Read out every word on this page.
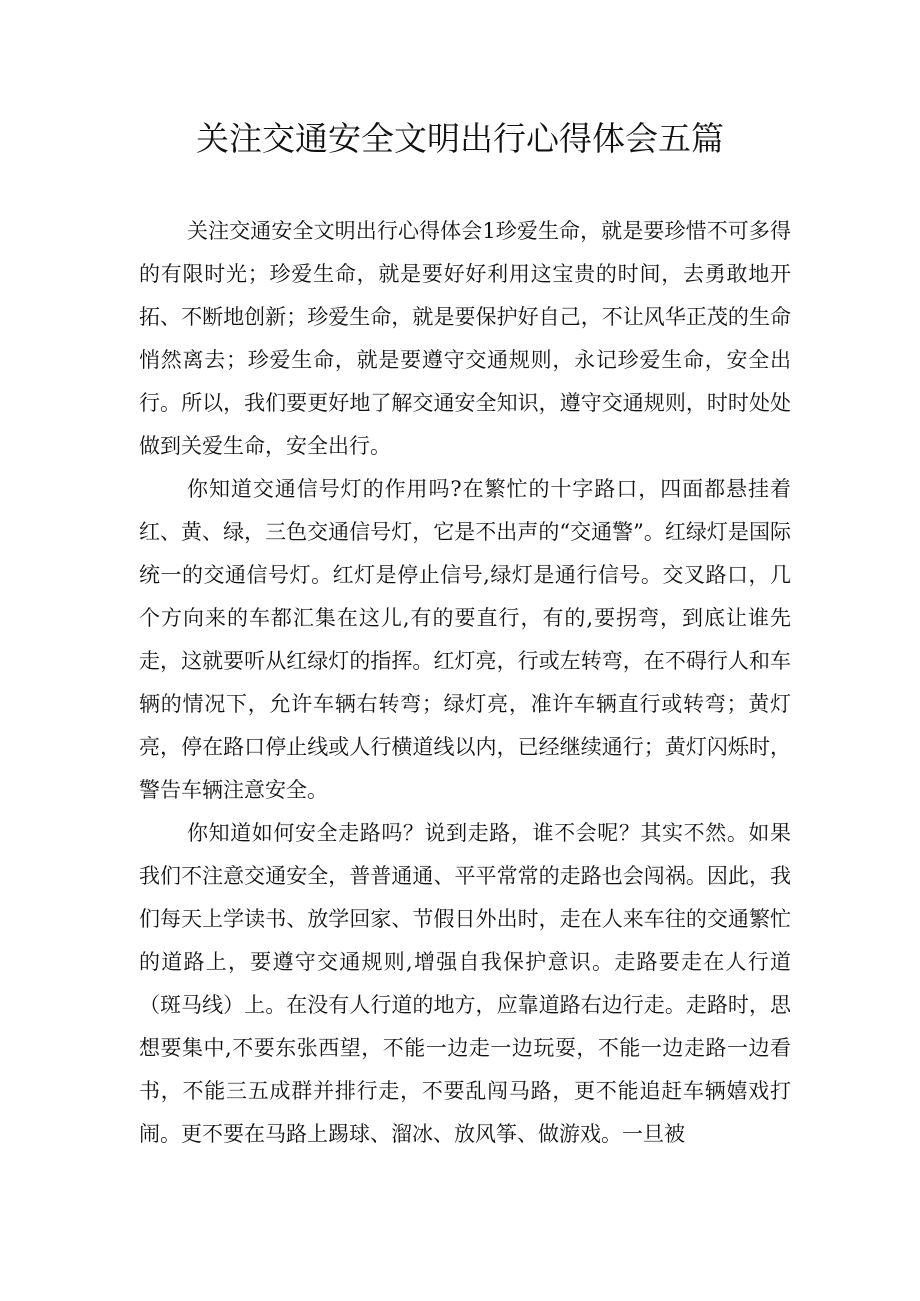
关注交通安全文明出行心得体会五篇

关注交通安全文明出行心得体会1珍爱生命，就是要珍惜不可多得的有限时光；珍爱生命，就是要好好利用这宝贵的时间，去勇敢地开拓、不断地创新；珍爱生命，就是要保护好自己，不让风华正茂的生命悄然离去；珍爱生命，就是要遵守交通规则，永记珍爱生命，安全出行。所以，我们要更好地了解交通安全知识，遵守交通规则，时时处处做到关爱生命，安全出行。

你知道交通信号灯的作用吗?在繁忙的十字路口，四面都悬挂着红、黄、绿，三色交通信号灯，它是不出声的“交通警”。红绿灯是国际统一的交通信号灯。红灯是停止信号,绿灯是通行信号。交叉路口，几个方向来的车都汇集在这儿,有的要直行，有的,要拐弯，到底让谁先走，这就要听从红绿灯的指挥。红灯亮，行或左转弯，在不碍行人和车辆的情况下，允许车辆右转弯；绿灯亮，准许车辆直行或转弯；黄灯亮，停在路口停止线或人行横道线以内，已经继续通行；黄灯闪烁时，警告车辆注意安全。

你知道如何安全走路吗？说到走路，谁不会呢？其实不然。如果我们不注意交通安全，普普通通、平平常常的走路也会闯祸。因此，我们每天上学读书、放学回家、节假日外出时，走在人来车往的交通繁忙的道路上，要遵守交通规则,增强自我保护意识。走路要走在人行道（斑马线）上。在没有人行道的地方，应靠道路右边行走。走路时，思想要集中,不要东张西望，不能一边走一边玩耍，不能一边走路一边看书，不能三五成群并排行走，不要乱闯马路，更不能追赶车辆嬉戏打闹。更不要在马路上踢球、溜冰、放风筝、做游戏。一旦被
